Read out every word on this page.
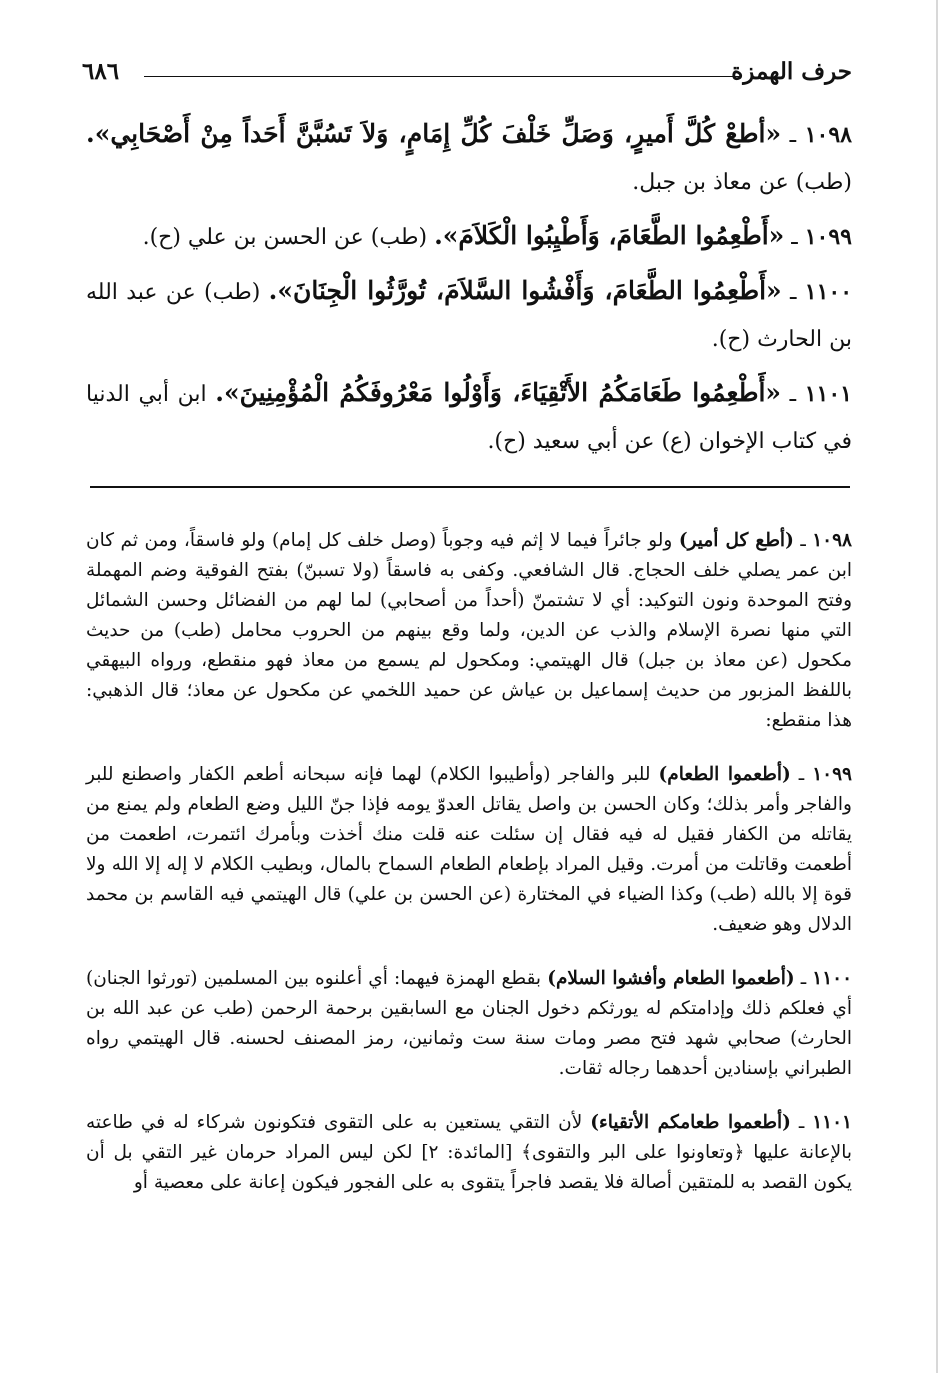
حرف الهمزة
٦٨٦

١٠٩٨ ـ «أطعْ كُلَّ أَميرٍ، وَصَلِّ خَلْفَ كُلِّ إِمَامٍ، وَلاَ تَسُبَّنَّ أَحَداً مِنْ أَصْحَابِي». (طب) عن معاذ بن جبل.

١٠٩٩ ـ «أَطْعِمُوا الطَّعَامَ، وَأَطْيِبُوا الْكَلاَمَ». (طب) عن الحسن بن علي (ح).

١١٠٠ ـ «أَطْعِمُوا الطَّعَامَ، وَأَفْشُوا السَّلاَمَ، تُورَّثُوا الْجِنَانَ». (طب) عن عبد الله بن الحارث (ح).

١١٠١ ـ «أَطْعِمُوا طَعَامَكُمُ الأَتْقِيَاءَ، وَأَوْلُوا مَعْرُوفَكُمُ الْمُؤْمِنِينَ». ابن أبي الدنيا في كتاب الإخوان (ع) عن أبي سعيد (ح).

١٠٩٨ ـ (أطع كل أمير) ولو جائراً فيما لا إثم فيه وجوباً (وصل خلف كل إمام) ولو فاسقاً، ومن ثم كان ابن عمر يصلي خلف الحجاج. قال الشافعي. وكفى به فاسقاً (ولا تسبنّ) بفتح الفوقية وضم المهملة وفتح الموحدة ونون التوكيد: أي لا تشتمنّ (أحداً من أصحابي) لما لهم من الفضائل وحسن الشمائل التي منها نصرة الإسلام والذب عن الدين، ولما وقع بينهم من الحروب محامل (طب) من حديث مكحول (عن معاذ بن جبل) قال الهيتمي: ومكحول لم يسمع من معاذ فهو منقطع، ورواه البيهقي باللفظ المزبور من حديث إسماعيل بن عياش عن حميد اللخمي عن مكحول عن معاذ؛ قال الذهبي: هذا منقطع:

١٠٩٩ ـ (أطعموا الطعام) للبر والفاجر (وأطيبوا الكلام) لهما فإنه سبحانه أطعم الكفار واصطنع للبر والفاجر وأمر بذلك؛ وكان الحسن بن واصل يقاتل العدوّ يومه فإذا جنّ الليل وضع الطعام ولم يمنع من يقاتله من الكفار فقيل له فيه فقال إن سئلت عنه قلت منك أخذت وبأمرك ائتمرت، اطعمت من أطعمت وقاتلت من أمرت. وقيل المراد بإطعام الطعام السماح بالمال، وبطيب الكلام لا إله إلا الله ولا قوة إلا بالله (طب) وكذا الضياء في المختارة (عن الحسن بن علي) قال الهيتمي فيه القاسم بن محمد الدلال وهو ضعيف.

١١٠٠ ـ (أطعموا الطعام وأفشوا السلام) بقطع الهمزة فيهما: أي أعلنوه بين المسلمين (تورثوا الجنان) أي فعلكم ذلك وإدامتكم له يورثكم دخول الجنان مع السابقين برحمة الرحمن (طب عن عبد الله بن الحارث) صحابي شهد فتح مصر ومات سنة ست وثمانين، رمز المصنف لحسنه. قال الهيتمي رواه الطبراني بإسنادين أحدهما رجاله ثقات.

١١٠١ ـ (أطعموا طعامكم الأتقياء) لأن التقي يستعين به على التقوى فتكونون شركاء له في طاعته بالإعانة عليها ﴿وتعاونوا على البر والتقوى﴾ [المائدة: ٢] لكن ليس المراد حرمان غير التقي بل أن يكون القصد به للمتقين أصالة فلا يقصد فاجراً يتقوى به على الفجور فيكون إعانة على معصية أو
